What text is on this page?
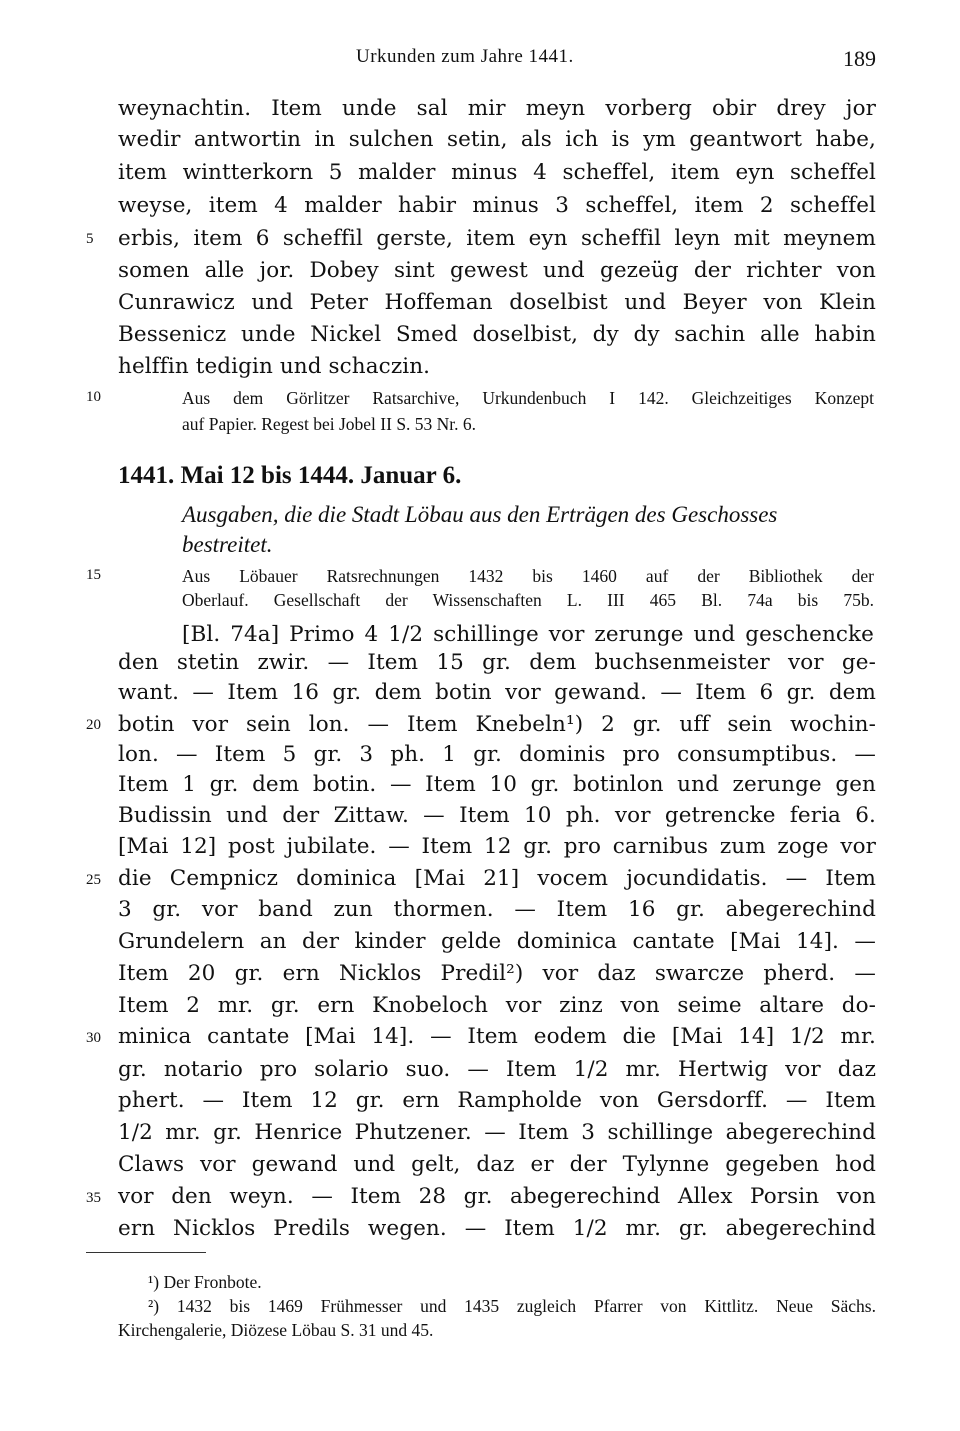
Urkunden zum Jahre 1441.	189
weynachtin. Item unde sal mir meyn vorberg obir drey jor
wedir antwortin in sulchen setin, als ich is ym geantwort habe,
item wintterkorn 5 malder minus 4 scheffel, item eyn scheffel
weyse, item 4 malder habir minus 3 scheffel, item 2 scheffel
erbis, item 6 scheffil gerste, item eyn scheffil leyn mit meynem
somen alle jor. Dobey sint gewest und gezeüg der richter von
Cunrawicz und Peter Hoffeman doselbist und Beyer von Klein
Bessenicz unde Nickel Smed doselbist, dy dy sachin alle habin
helffin tedigin und schaczin.
Aus dem Görlitzer Ratsarchive, Urkundenbuch I 142. Gleichzeitiges Konzept
auf Papier. Regest bei Jobel II S. 53 Nr. 6.
1441. Mai 12 bis 1444. Januar 6.
Ausgaben, die die Stadt Löbau aus den Erträgen des Geschosses
bestreitet.
Aus Löbauer Ratsrechnungen 1432 bis 1460 auf der Bibliothek der
Oberlauf. Gesellschaft der Wissenschaften L. III 465 Bl. 74a bis 75b.
[Bl. 74a] Primo 4 1/2 schillinge vor zerunge und geschencke
den stetin zwir. — Item 15 gr. dem buchsenmeister vor ge-
want. — Item 16 gr. dem botin vor gewand. — Item 6 gr. dem
botin vor sein lon. — Item Knebeln¹) 2 gr. uff sein wochin-
lon. — Item 5 gr. 3 ph. 1 gr. dominis pro consumptibus. —
Item 1 gr. dem botin. — Item 10 gr. botinlon und zerunge gen
Budissin und der Zittaw. — Item 10 ph. vor getrencke feria 6.
[Mai 12] post jubilate. — Item 12 gr. pro carnibus zum zoge vor
die Cempnicz dominica [Mai 21] vocem jocundidatis. — Item
3 gr. vor band zun thormen. — Item 16 gr. abegerechind
Grundelern an der kinder gelde dominica cantate [Mai 14]. —
Item 20 gr. ern Nicklos Predil²) vor daz swarcze pherd. —
Item 2 mr. gr. ern Knobeloch vor zinz von seime altare do-
minica cantate [Mai 14]. — Item eodem die [Mai 14] 1/2 mr.
gr. notario pro solario suo. — Item 1/2 mr. Hertwig vor daz
phert. — Item 12 gr. ern Rampholde von Gersdorff. — Item
1/2 mr. gr. Henrice Phutzener. — Item 3 schillinge abegerechind
Claws vor gewand und gelt, daz er der Tylynne gegeben hod
vor den weyn. — Item 28 gr. abegerechind Allex Porsin von
ern Nicklos Predils wegen. — Item 1/2 mr. gr. abegerechind
5
10
15
20
25
30
35
¹) Der Fronbote.
²) 1432 bis 1469 Frühmesser und 1435 zugleich Pfarrer von Kittlitz. Neue Sächs.
Kirchengalerie, Diözese Löbau S. 31 und 45.
